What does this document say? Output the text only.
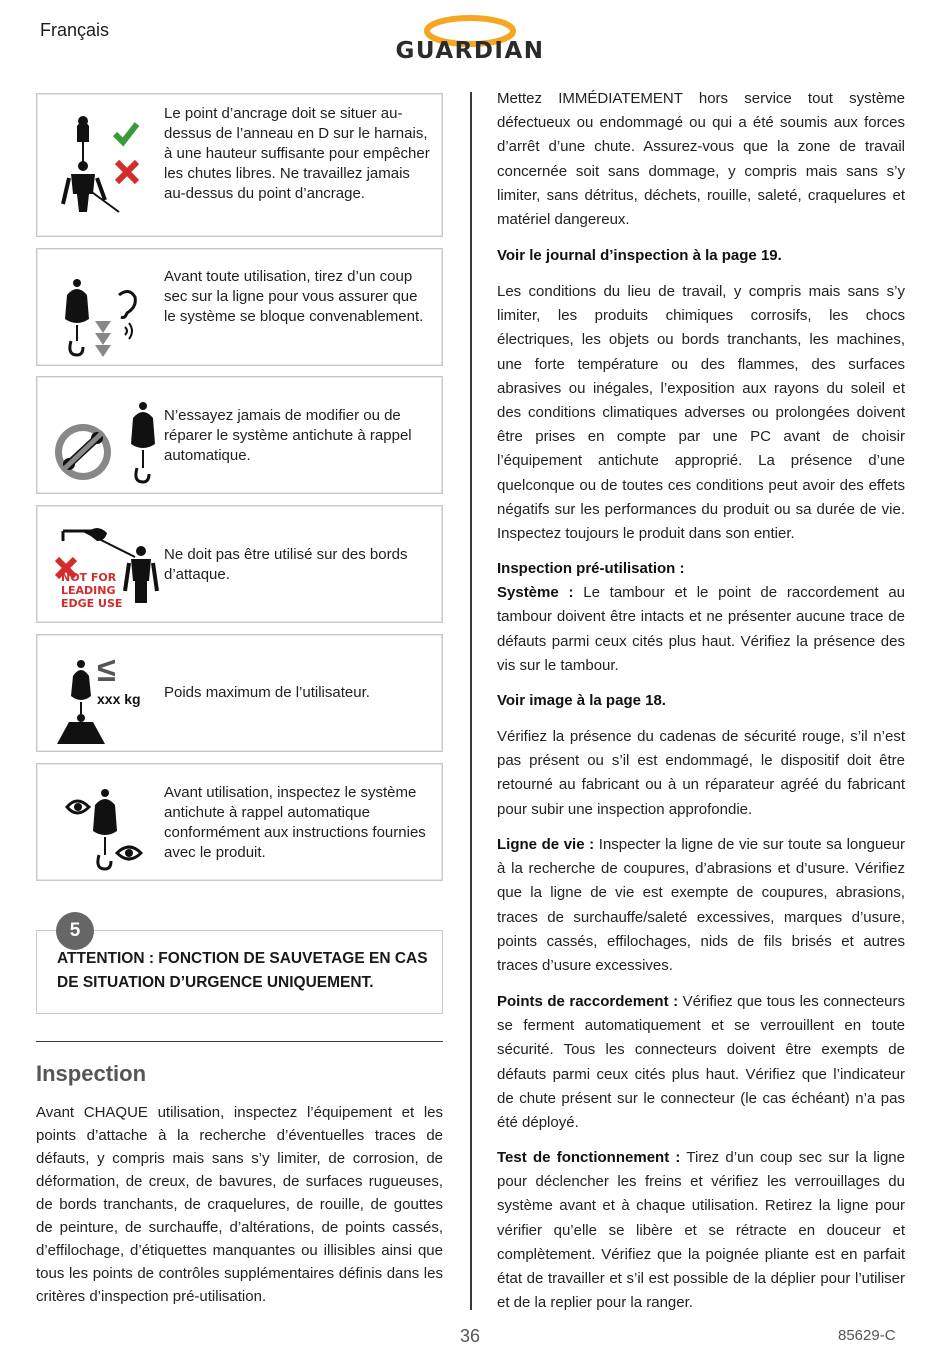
Français
GUARDIAN
Le point d’ancrage doit se situer au-dessus de l’anneau en D sur le harnais, à une hauteur suffisante pour empêcher les chutes libres. Ne travaillez jamais au-dessus du point d’ancrage.
Avant toute utilisation, tirez d’un coup sec sur la ligne pour vous assurer que le système se bloque convenablement.
N’essayez jamais de modifier ou de réparer le système antichute à rappel automatique.
NOT FOR LEADING EDGE USE
Ne doit pas être utilisé sur des bords d’attaque.
≤
xxx kg Poids maximum de l’utilisateur.
Avant utilisation, inspectez le système antichute à rappel automatique conformément aux instructions fournies avec le produit.
5
ATTENTION : FONCTION DE SAUVETAGE EN CAS DE SITUATION D’URGENCE UNIQUEMENT.
Inspection
Avant CHAQUE utilisation, inspectez l’équipement et les points d’attache à la recherche d’éventuelles traces de défauts, y compris mais sans s’y limiter, de corrosion, de déformation, de creux, de bavures, de surfaces rugueuses, de bords tranchants, de craquelures, de rouille, de gouttes de peinture, de surchauffe, d’altérations, de points cassés, d’effilochage, d’étiquettes manquantes ou illisibles ainsi que tous les points de contrôles supplémentaires définis dans les critères d’inspection pré-utilisation.

Mettez IMMÉDIATEMENT hors service tout système défectueux ou endommagé ou qui a été soumis aux forces d’arrêt d’une chute. Assurez-vous que la zone de travail concernée soit sans dommage, y compris mais sans s’y limiter, sans détritus, déchets, rouille, saleté, craquelures et matériel dangereux.

Voir le journal d’inspection à la page 19.

Les conditions du lieu de travail, y compris mais sans s’y limiter, les produits chimiques corrosifs, les chocs électriques, les objets ou bords tranchants, les machines, une forte température ou des flammes, des surfaces abrasives ou inégales, l’exposition aux rayons du soleil et des conditions climatiques adverses ou prolongées doivent être prises en compte par une PC avant de choisir l’équipement antichute approprié. La présence d’une quelconque ou de toutes ces conditions peut avoir des effets négatifs sur les performances du produit ou sa durée de vie. Inspectez toujours le produit dans son entier.

Inspection pré-utilisation :

Système : Le tambour et le point de raccordement au tambour doivent être intacts et ne présenter aucune trace de défauts parmi ceux cités plus haut. Vérifiez la présence des vis sur le tambour.

Voir image à la page 18.

Vérifiez la présence du cadenas de sécurité rouge, s’il n’est pas présent ou s’il est endommagé, le dispositif doit être retourné au fabricant ou à un réparateur agréé du fabricant pour subir une inspection approfondie.

Ligne de vie : Inspecter la ligne de vie sur toute sa longueur à la recherche de coupures, d’abrasions et d’usure. Vérifiez que la ligne de vie est exempte de coupures, abrasions, traces de surchauffe/saleté excessives, marques d’usure, points cassés, effilochages, nids de fils brisés et autres traces d’usure excessives.

Points de raccordement : Vérifiez que tous les connecteurs se ferment automatiquement et se verrouillent en toute sécurité. Tous les connecteurs doivent être exempts de défauts parmi ceux cités plus haut. Vérifiez que l’indicateur de chute présent sur le connecteur (le cas échéant) n’a pas été déployé.

Test de fonctionnement : Tirez d’un coup sec sur la ligne pour déclencher les freins et vérifiez les verrouillages du système avant et à chaque utilisation. Retirez la ligne pour vérifier qu’elle se libère et se rétracte en douceur et complètement. Vérifiez que la poignée pliante est en parfait état de travailler et s’il est possible de la déplier pour l’utiliser et de la replier pour la ranger.

36	85629-C
